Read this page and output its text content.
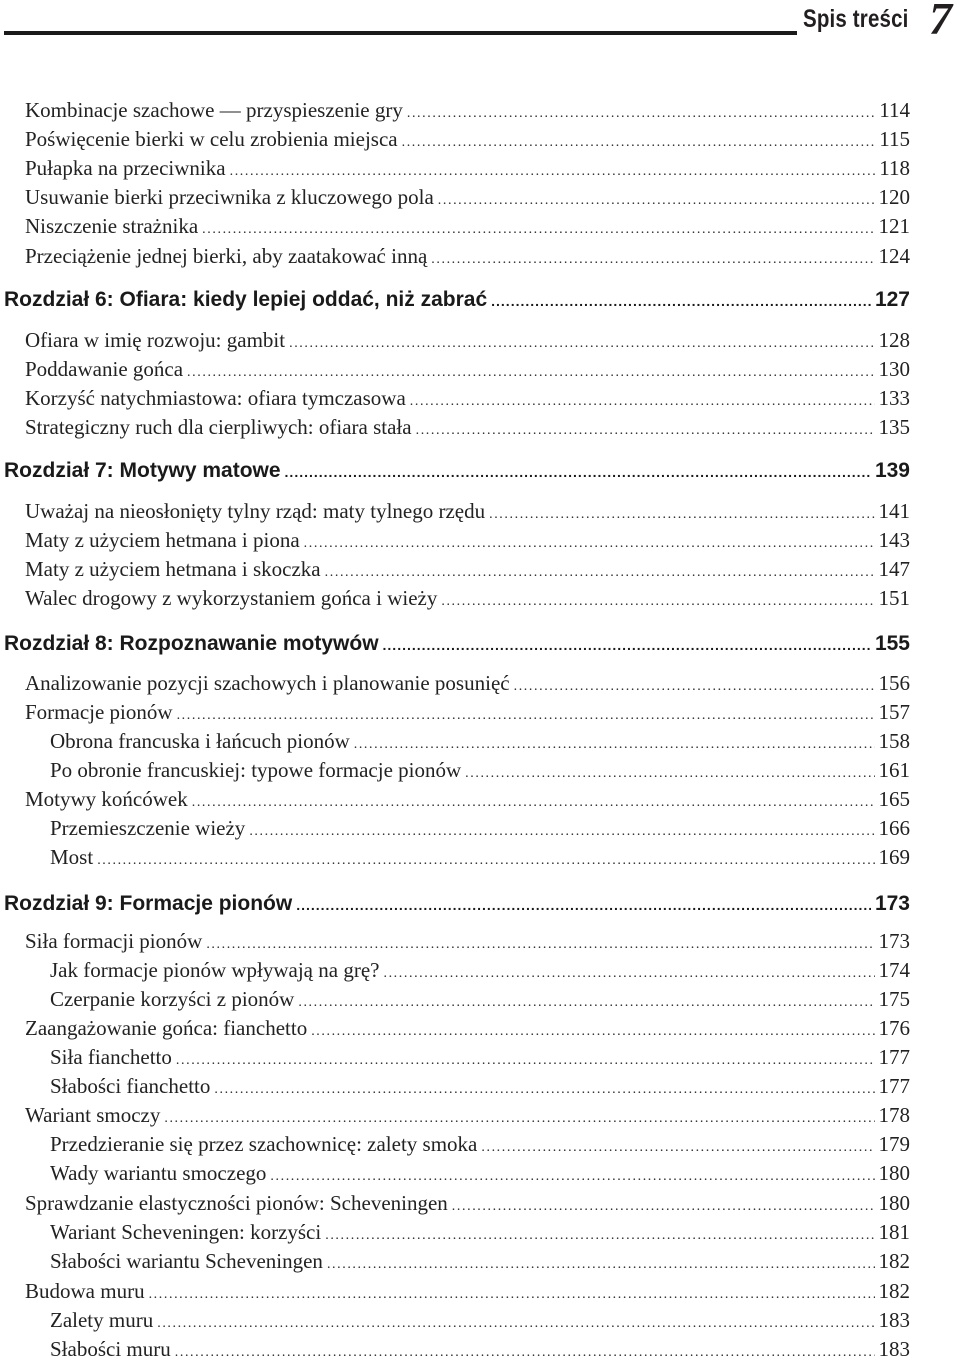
Spis treści 7
Kombinacje szachowe — przyspieszenie gry .....	114
Poświęcenie bierki w celu zrobienia miejsca .....	115
Pułapka na przeciwnika .....	118
Usuwanie bierki przeciwnika z kluczowego pola .....	120
Niszczenie strażnika .....	121
Przeciążenie jednej bierki, aby zaatakować inną .....	124
Rozdział 6: Ofiara: kiedy lepiej oddać, niż zabrać .....	127
Ofiara w imię rozwoju: gambit .....	128
Poddawanie gońca .....	130
Korzyść natychmiastowa: ofiara tymczasowa .....	133
Strategiczny ruch dla cierpliwych: ofiara stała .....	135
Rozdział 7: Motywy matowe .....	139
Uważaj na nieosłonięty tylny rząd: maty tylnego rzędu .....	141
Maty z użyciem hetmana i piona .....	143
Maty z użyciem hetmana i skoczka .....	147
Walec drogowy z wykorzystaniem gońca i wieży .....	151
Rozdział 8: Rozpoznawanie motywów .....	155
Analizowanie pozycji szachowych i planowanie posunięć .....	156
Formacje pionów .....	157
Obrona francuska i łańcuch pionów .....	158
Po obronie francuskiej: typowe formacje pionów .....	161
Motywy końcówek .....	165
Przemieszczenie wieży .....	166
Most .....	169
Rozdział 9: Formacje pionów .....	173
Siła formacji pionów .....	173
Jak formacje pionów wpływają na grę? .....	174
Czerpanie korzyści z pionów .....	175
Zaangażowanie gońca: fianchetto .....	176
Siła fianchetto .....	177
Słabości fianchetto .....	177
Wariant smoczy .....	178
Przedzieranie się przez szachownicę: zalety smoka .....	179
Wady wariantu smoczego .....	180
Sprawdzanie elastyczności pionów: Scheveningen .....	180
Wariant Scheveningen: korzyści .....	181
Słabości wariantu Scheveningen .....	182
Budowa muru .....	182
Zalety muru .....	183
Słabości muru .....	183
